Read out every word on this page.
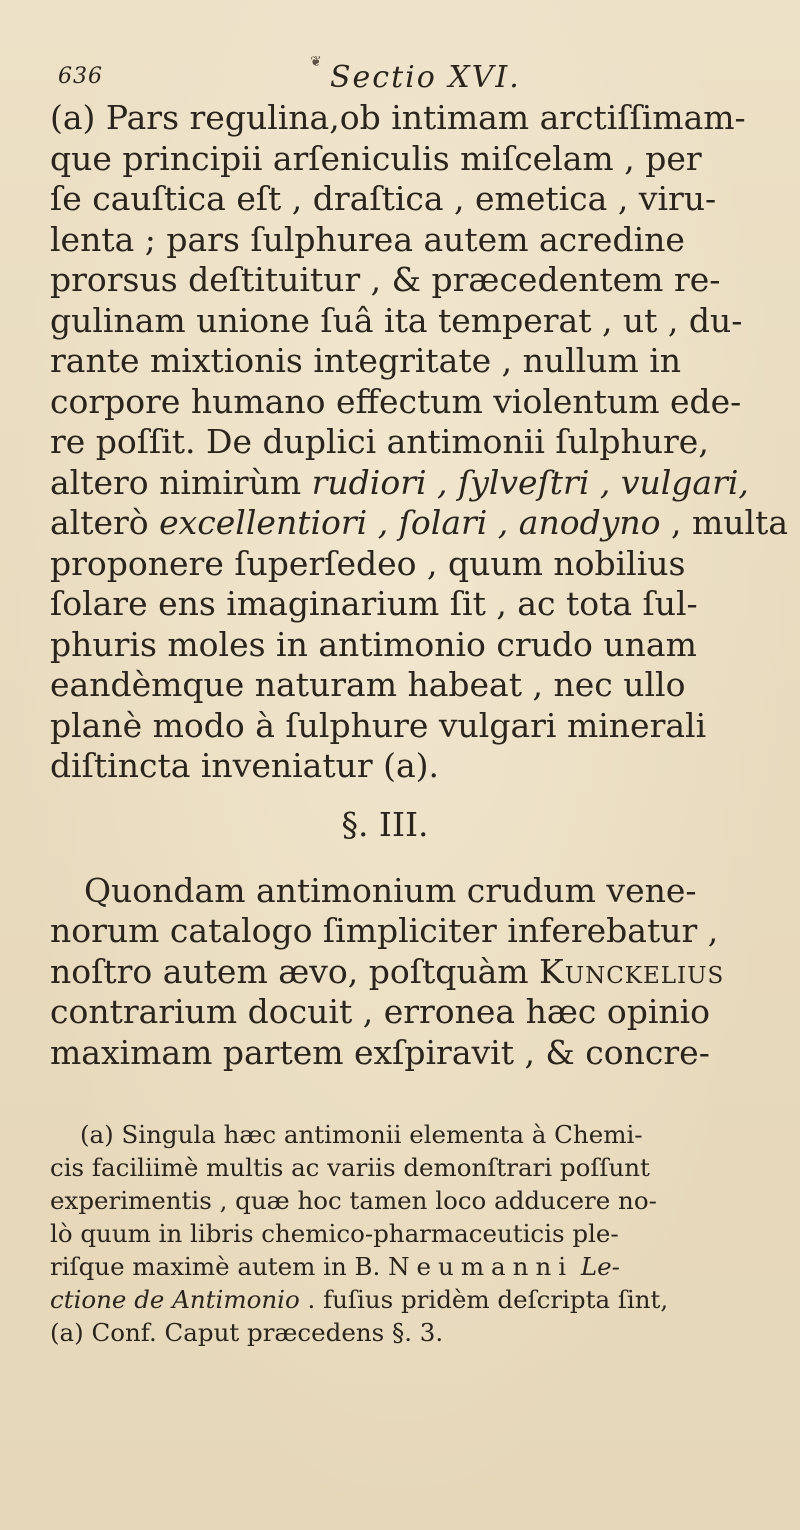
636
❦ Sectio XVI.
(a) Pars regulina,ob intimam arctiſſimam-
que principii arſeniculis miſcelam , per
ſe cauſtica eſt , draſtica , emetica , viru-
lenta ; pars ſulphurea autem acredine
prorsus deſtituitur , & præcedentem re-
gulinam unione ſuâ ita temperat , ut , du-
rante mixtionis integritate , nullum in
corpore humano effectum violentum ede-
re poſſit. De duplici antimonii ſulphure,
altero nimirùm rudiori , ſylveſtri , vulgari,
alterò excellentiori , ſolari , anodyno , multa
proponere ſuperſedeo , quum nobilius
ſolare ens imaginarium ſit , ac tota ſul-
phuris moles in antimonio crudo unam
eandèmque naturam habeat , nec ullo
planè modo à ſulphure vulgari minerali
diſtincta inveniatur (a).
§. III.
Quondam antimonium crudum vene-
norum catalogo ſimpliciter inferebatur ,
noſtro autem ævo, poſtquàm Kunckelius
contrarium docuit , erronea hæc opinio
maximam partem exſpiravit , & concre-
(a) Singula hæc antimonii elementa à Chemi-
cis faciliimè multis ac variis demonſtrari poſſunt
experimentis , quæ hoc tamen loco adducere no-
lò quum in libris chemico-pharmaceuticis ple-
riſque maximè autem in B. Neumanni Le-
ctione de Antimonio . fuſius pridèm deſcripta ſint,
(a) Conf. Caput præcedens §. 3.
